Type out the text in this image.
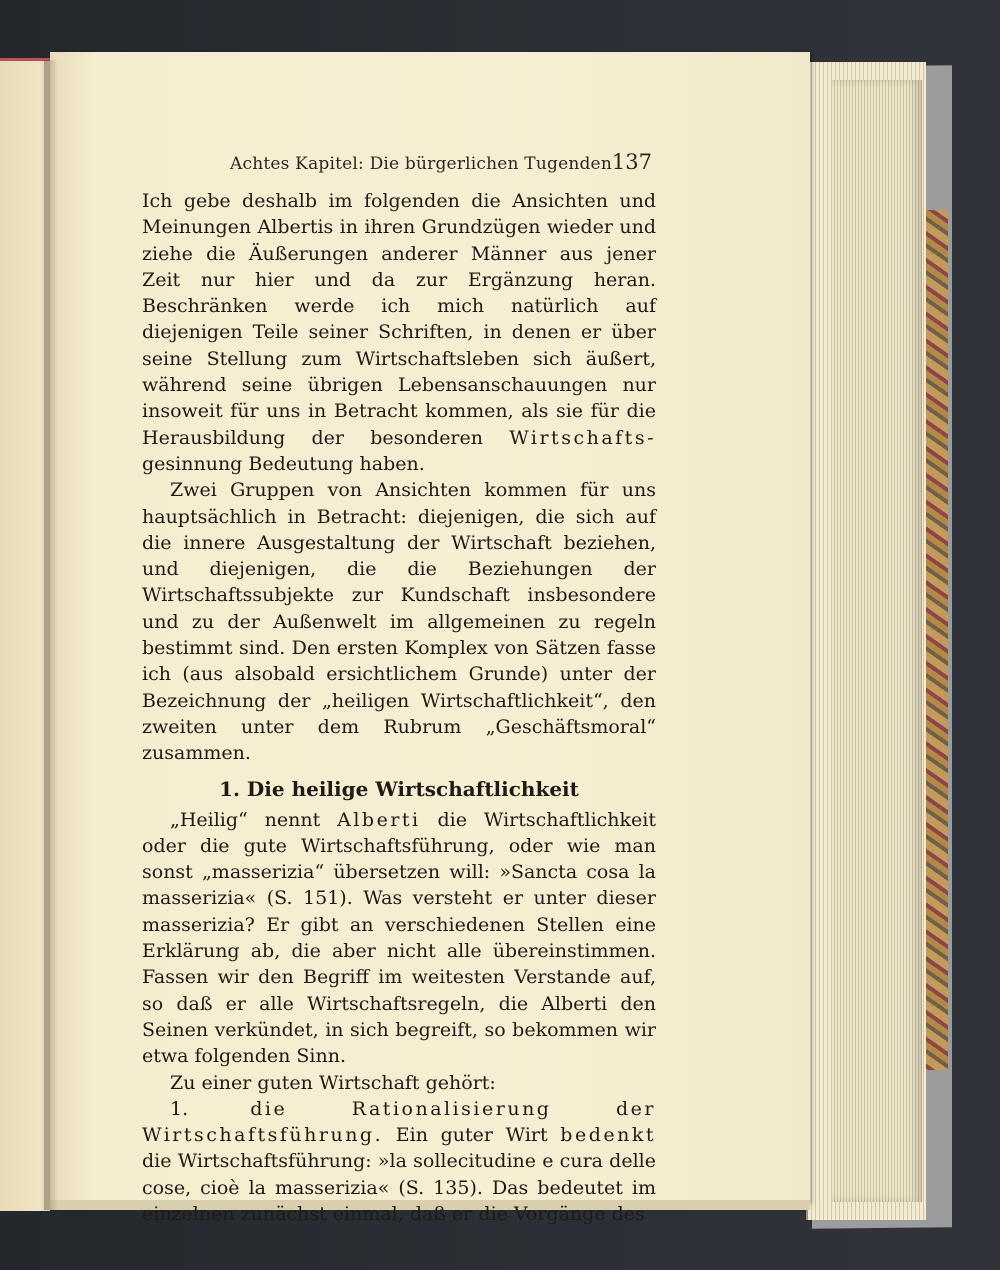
Achtes Kapitel: Die bürgerlichen Tugenden 137

Ich gebe deshalb im folgenden die Ansichten und Meinungen Albertis in ihren Grundzügen wieder und ziehe die Äußerungen anderer Männer aus jener Zeit nur hier und da zur Ergänzung heran. Beschränken werde ich mich natürlich auf diejenigen Teile seiner Schriften, in denen er über seine Stellung zum Wirtschaftsleben sich äußert, während seine übrigen Lebensanschauungen nur insoweit für uns in Betracht kommen, als sie für die Herausbildung der besonderen Wirtschafts- gesinnung Bedeutung haben.

Zwei Gruppen von Ansichten kommen für uns hauptsächlich in Betracht: diejenigen, die sich auf die innere Ausgestaltung der Wirtschaft beziehen, und diejenigen, die die Beziehungen der Wirtschaftssubjekte zur Kundschaft insbesondere und zu der Außenwelt im allgemeinen zu regeln bestimmt sind. Den ersten Komplex von Sätzen fasse ich (aus alsobald ersichtlichem Grunde) unter der Bezeichnung der „heiligen Wirtschaftlichkeit“, den zweiten unter dem Rubrum „Geschäftsmoral“ zusammen.

1. Die heilige Wirtschaftlichkeit

„Heilig“ nennt Alberti die Wirtschaftlichkeit oder die gute Wirtschaftsführung, oder wie man sonst „masserizia“ übersetzen will: »Sancta cosa la masserizia« (S. 151). Was versteht er unter dieser masserizia? Er gibt an verschiedenen Stellen eine Erklärung ab, die aber nicht alle übereinstimmen. Fassen wir den Begriff im weitesten Verstande auf, so daß er alle Wirtschaftsregeln, die Alberti den Seinen verkündet, in sich begreift, so bekommen wir etwa folgenden Sinn.

Zu einer guten Wirtschaft gehört:

1.	die Rationalisierung der Wirtschaftsführung. Ein guter Wirt bedenkt die Wirtschaftsführung: »la sollecitudine e cura delle cose, cioè la masserizia« (S. 135). Das bedeutet im einzelnen zunächst einmal, daß er die Vorgänge des
